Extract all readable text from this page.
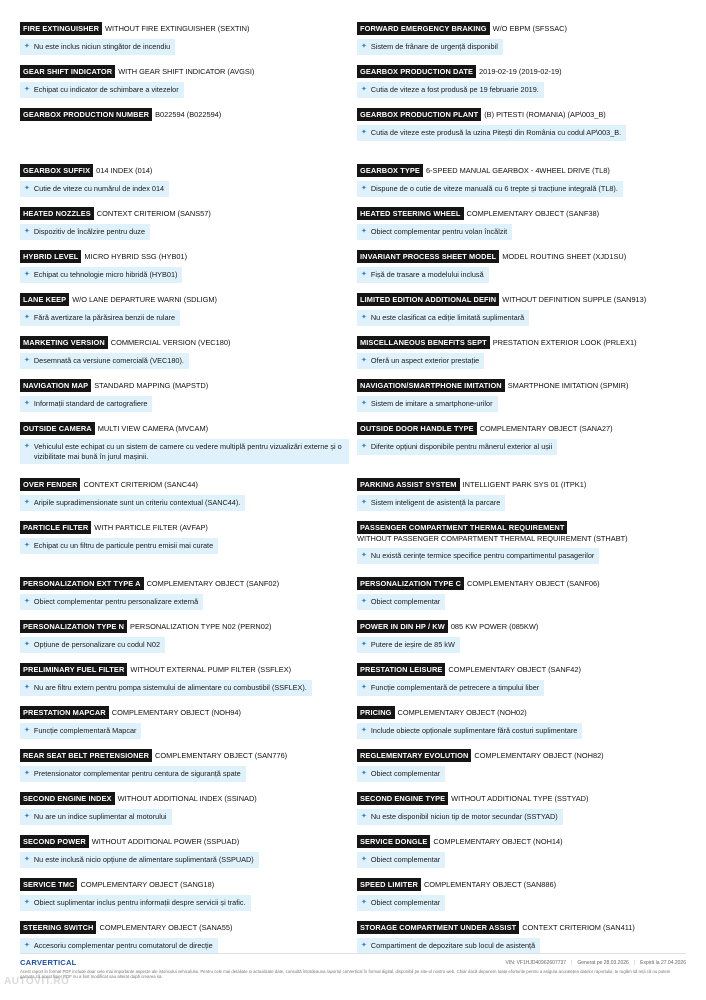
FIRE EXTINGUISHER WITHOUT FIRE EXTINGUISHER (SEXTIN)
✦ Nu este inclus niciun stingător de incendiu
FORWARD EMERGENCY BRAKING W/O EBPM (SFSSAC)
✦ Sistem de frânare de urgență disponibil
GEAR SHIFT INDICATOR WITH GEAR SHIFT INDICATOR (AVGSI)
✦ Echipat cu indicator de schimbare a vitezelor
GEARBOX PRODUCTION DATE 2019-02-19 (2019-02-19)
✦ Cutia de viteze a fost produsă pe 19 februarie 2019.
GEARBOX PRODUCTION NUMBER B022594 (B022594)	GEARBOX PRODUCTION PLANT (B) PITESTI (ROMANIA) (AP\003_B)
✦ Cutia de viteze este produsă la uzina Pitești din România cu codul AP\003_B.
GEARBOX SUFFIX 014 INDEX (014)
✦ Cutie de viteze cu numărul de index 014
GEARBOX TYPE 6-SPEED MANUAL GEARBOX - 4WHEEL DRIVE (TL8)
✦ Dispune de o cutie de viteze manuală cu 6 trepte și tracțiune integrală (TL8).
HEATED NOZZLES CONTEXT CRITERIOM (SANS57)
✦ Dispozitiv de încălzire pentru duze
HEATED STEERING WHEEL COMPLEMENTARY OBJECT (SANF38)
✦ Obiect complementar pentru volan încălzit
HYBRID LEVEL MICRO HYBRID SSG (HYB01)
✦ Echipat cu tehnologie micro hibridă (HYB01)
INVARIANT PROCESS SHEET MODEL MODEL ROUTING SHEET (XJD1SU)
✦ Fișă de trasare a modelului inclusă
LANE KEEP W/O LANE DEPARTURE WARNI (SDLIGM)
✦ Fără avertizare la părăsirea benzii de rulare
LIMITED EDITION ADDITIONAL DEFIN WITHOUT DEFINITION SUPPLE (SAN913)
✦ Nu este clasificat ca ediție limitată suplimentară
MARKETING VERSION COMMERCIAL VERSION (VEC180)
✦ Desemnată ca versiune comercială (VEC180).
MISCELLANEOUS BENEFITS SEPT PRESTATION EXTERIOR LOOK (PRLEX1)
✦ Oferă un aspect exterior prestație
NAVIGATION MAP STANDARD MAPPING (MAPSTD)
✦ Informații standard de cartografiere
NAVIGATION/SMARTPHONE IMITATION SMARTPHONE IMITATION (SPMIR)
✦ Sistem de imitare a smartphone-urilor
OUTSIDE CAMERA MULTI VIEW CAMERA (MVCAM)
✦ Vehiculul este echipat cu un sistem de camere cu vedere multiplă pentru vizualizări externe și o vizibilitate mai bună în jurul mașinii.
OUTSIDE DOOR HANDLE TYPE COMPLEMENTARY OBJECT (SANA27)
✦ Diferite opțiuni disponibile pentru mânerul exterior al ușii
OVER FENDER CONTEXT CRITERIOM (SANC44)
✦ Aripile supradimensionate sunt un criteriu contextual (SANC44).
PARKING ASSIST SYSTEM INTELLIGENT PARK SYS 01 (ITPK1)
✦ Sistem inteligent de asistență la parcare
PARTICLE FILTER WITH PARTICLE FILTER (AVFAP)
✦ Echipat cu un filtru de particule pentru emisii mai curate
PASSENGER COMPARTMENT THERMAL REQUIREMENT
WITHOUT PASSENGER COMPARTMENT THERMAL REQUIREMENT (STHABT)
✦ Nu există cerințe termice specifice pentru compartimentul pasagerilor
PERSONALIZATION EXT TYPE A COMPLEMENTARY OBJECT (SANF02)
✦ Obiect complementar pentru personalizare externă
PERSONALIZATION TYPE C COMPLEMENTARY OBJECT (SANF06)
✦ Obiect complementar
PERSONALIZATION TYPE N PERSONALIZATION TYPE N02 (PERN02)
✦ Opțiune de personalizare cu codul N02
POWER IN DIN HP / KW 085 KW POWER (085KW)
✦ Putere de ieșire de 85 kW
PRELIMINARY FUEL FILTER WITHOUT EXTERNAL PUMP FILTER (SSFLEX)
✦ Nu are filtru extern pentru pompa sistemului de alimentare cu combustibil (SSFLEX).
PRESTATION LEISURE COMPLEMENTARY OBJECT (SANF42)
✦ Funcție complementară de petrecere a timpului liber
PRESTATION MAPCAR COMPLEMENTARY OBJECT (NOH94)
✦ Funcție complementară Mapcar
PRICING COMPLEMENTARY OBJECT (NOH02)
✦ Include obiecte opționale suplimentare fără costuri suplimentare
REAR SEAT BELT PRETENSIONER COMPLEMENTARY OBJECT (SAN776)
✦ Pretensionator complementar pentru centura de siguranță spate
REGLEMENTARY EVOLUTION COMPLEMENTARY OBJECT (NOH82)
✦ Obiect complementar
SECOND ENGINE INDEX WITHOUT ADDITIONAL INDEX (SSINAD)
✦ Nu are un indice suplimentar al motorului
SECOND ENGINE TYPE WITHOUT ADDITIONAL TYPE (SSTYAD)
✦ Nu este disponibil niciun tip de motor secundar (SSTYAD)
SECOND POWER WITHOUT ADDITIONAL POWER (SSPUAD)
✦ Nu este inclusă nicio opțiune de alimentare suplimentară (SSPUAD)
SERVICE DONGLE COMPLEMENTARY OBJECT (NOH14)
✦ Obiect complementar
SERVICE TMC COMPLEMENTARY OBJECT (SANG18)
✦ Obiect suplimentar inclus pentru informații despre servicii și trafic.
SPEED LIMITER COMPLEMENTARY OBJECT (SAN886)
✦ Obiect complementar
STEERING SWITCH COMPLEMENTARY OBJECT (SANA55)
✦ Accesoriu complementar pentru comutatorul de direcție
STORAGE COMPARTMENT UNDER ASSIST CONTEXT CRITERIOM (SAN411)
✦ Compartiment de depozitare sub locul de asistență
CARVERTICAL	VIN: VF1HJD40962607737 | Generat pe 28.03.2026 | Expiră la 27.04.2026
Acest raport în format PDF include doar cele mai importante aspecte ale istoricului vehiculului. Pentru cele mai detaliate și actualizate date, consultă întotdeauna raportul carVertical în format digital, disponibil pe site-ul nostru web. Chiar dacă depunem toate eforturile pentru a asigura acuratețea datelor raportului, te rugăm să reții că nu putem garanta că acest fișier PDF nu a fost modificat sau alterat după crearea sa.
AUTOVIT.RO
